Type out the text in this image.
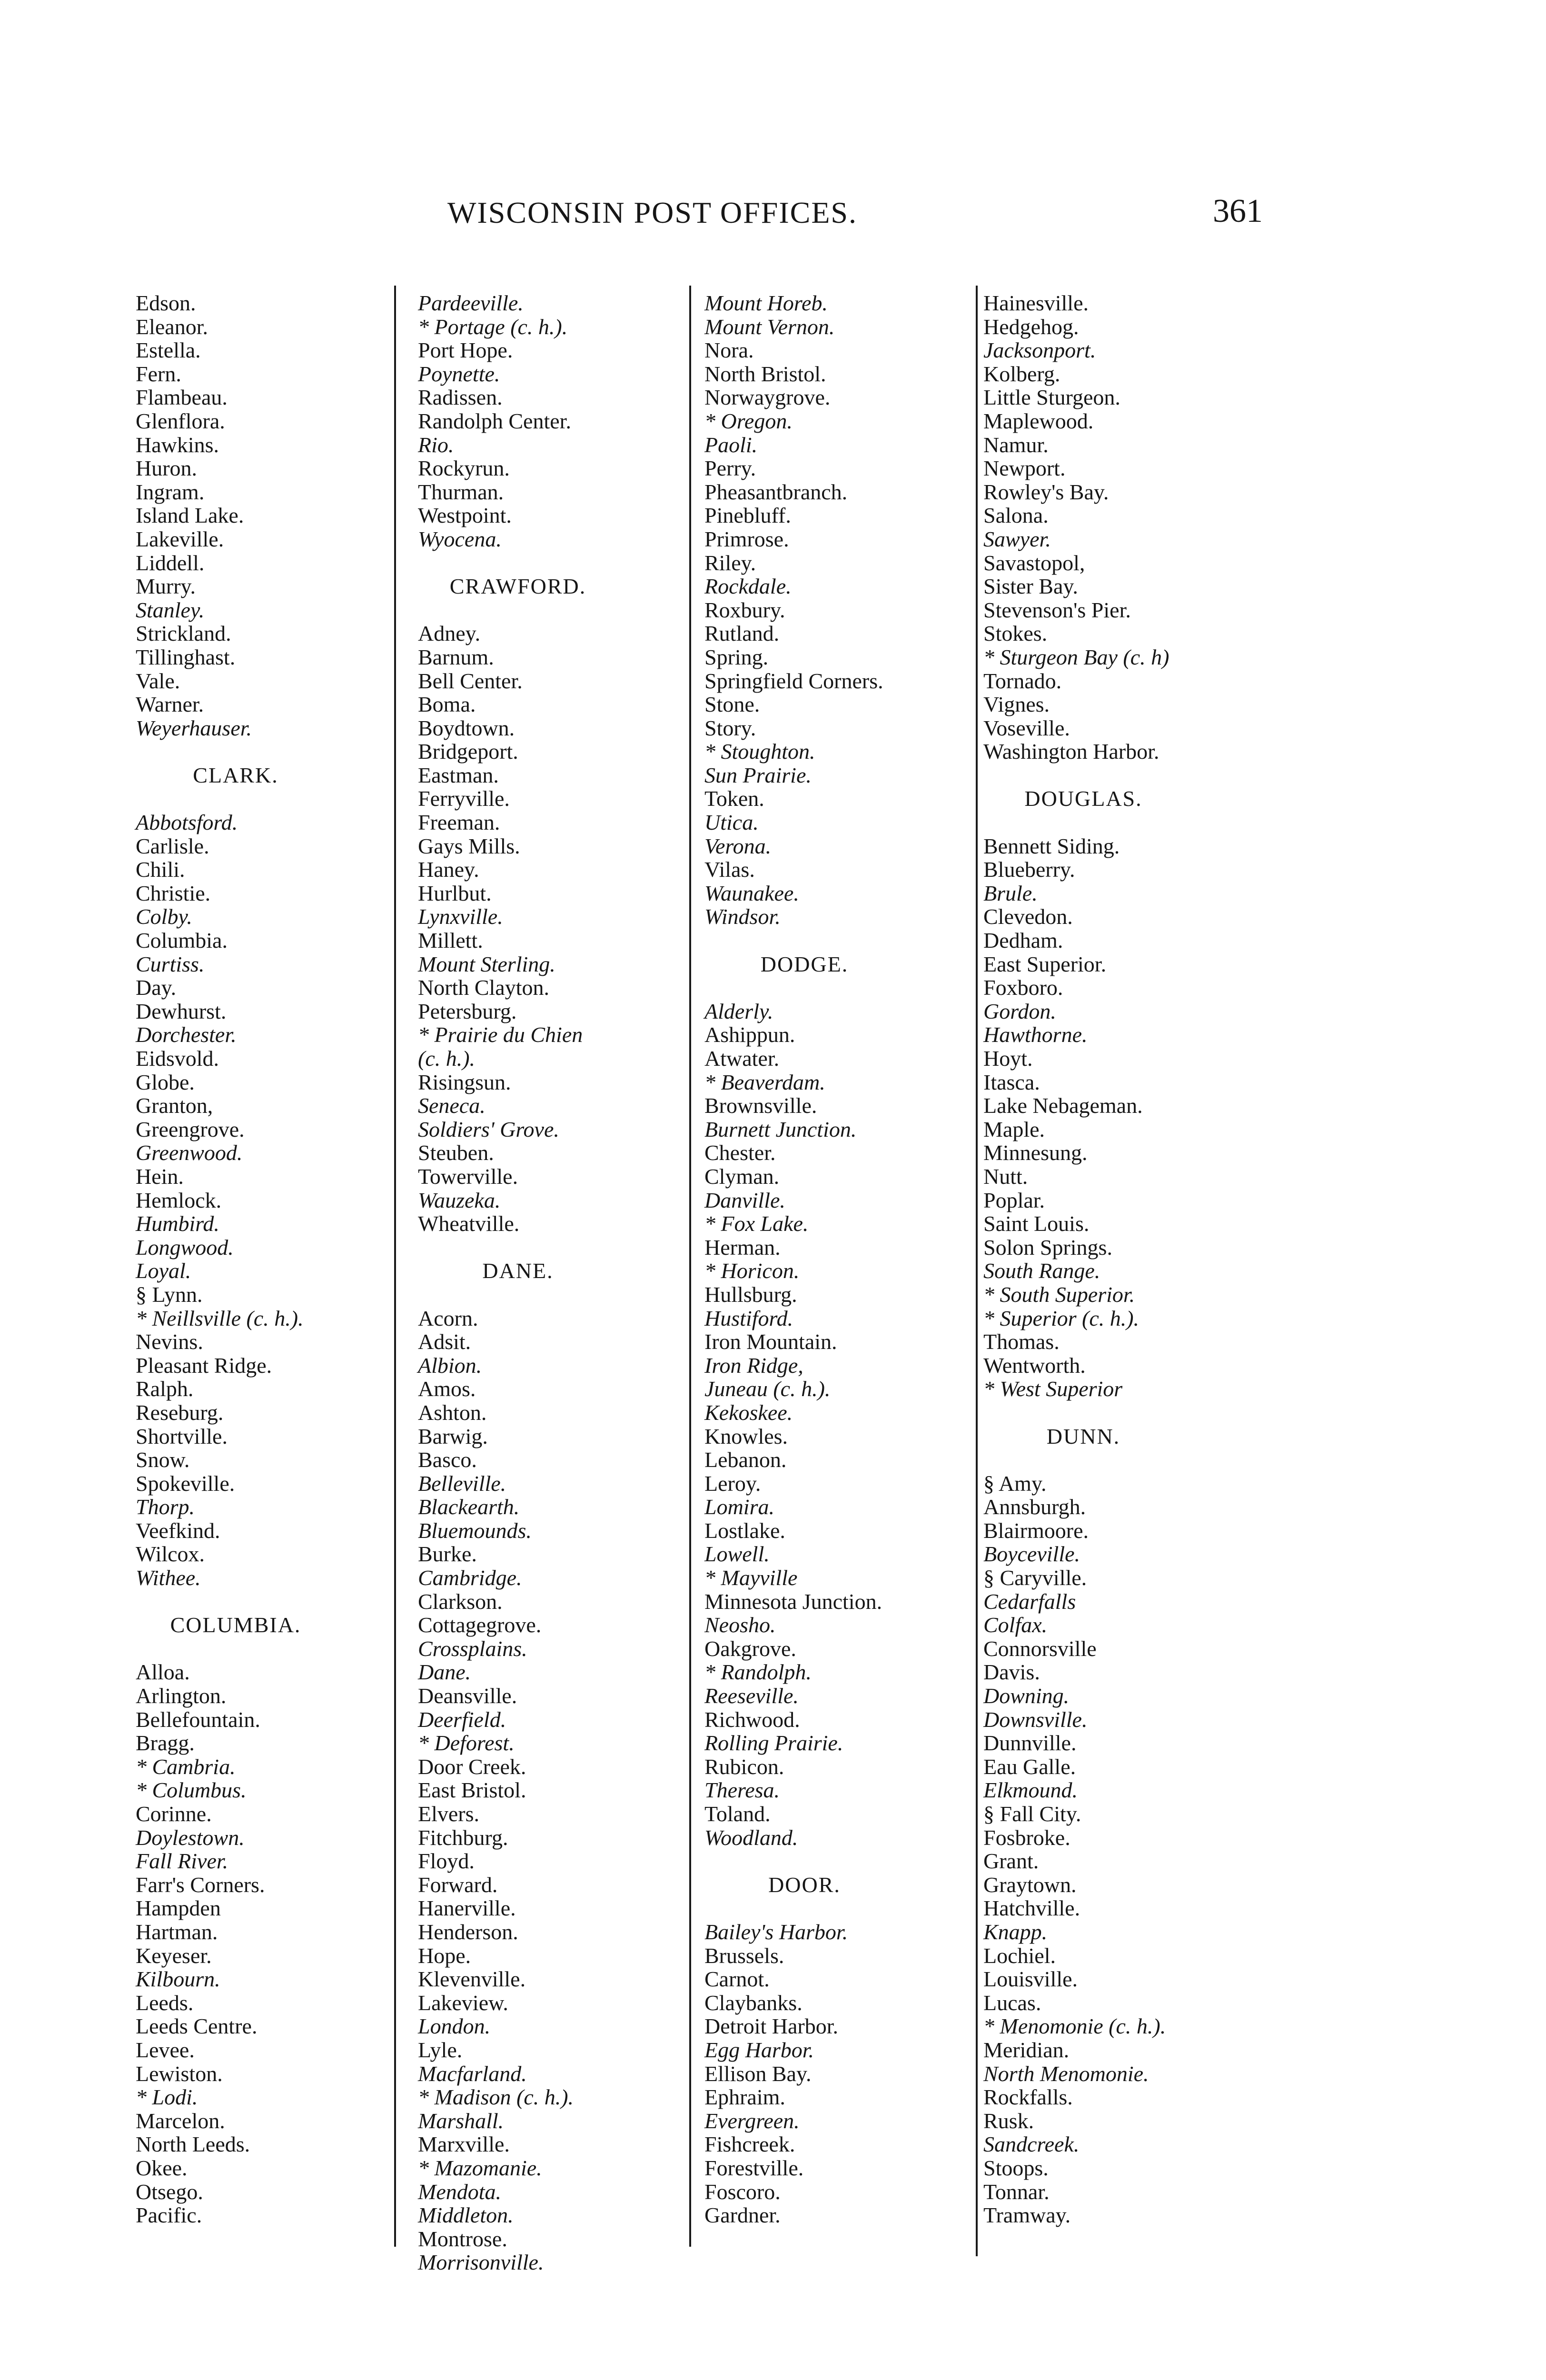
WISCONSIN POST OFFICES.	361
Edson.
Eleanor.
Estella.
Fern.
Flambeau.
Glenflora.
Hawkins.
Huron.
Ingram.
Island Lake.
Lakeville.
Liddell.
Murry.
Stanley.
Strickland.
Tillinghast.
Vale.
Warner.
Weyerhauser.
CLARK.
Abbotsford.
Carlisle.
Chili.
Christie.
Colby.
Columbia.
Curtiss.
Day.
Dewhurst.
Dorchester.
Eidsvold.
Globe.
Granton,
Greengrove.
Greenwood.
Hein.
Hemlock.
Humbird.
Longwood.
Loyal.
§ Lynn.
* Neillsville (c. h.).
Nevins.
Pleasant Ridge.
Ralph.
Reseburg.
Shortville.
Snow.
Spokeville.
Thorp.
Veefkind.
Wilcox.
Withee.
COLUMBIA.
Alloa.
Arlington.
Bellefountain.
Bragg.
* Cambria.
* Columbus.
Corinne.
Doylestown.
Fall River.
Farr's Corners.
Hampden
Hartman.
Keyeser.
Kilbourn.
Leeds.
Leeds Centre.
Levee.
Lewiston.
* Lodi.
Marcelon.
North Leeds.
Okee.
Otsego.
Pacific.
Pardeeville.
* Portage (c. h.).
Port Hope.
Poynette.
Radissen.
Randolph Center.
Rio.
Rockyrun.
Thurman.
Westpoint.
Wyocena.
CRAWFORD.
Adney.
Barnum.
Bell Center.
Boma.
Boydtown.
Bridgeport.
Eastman.
Ferryville.
Freeman.
Gays Mills.
Haney.
Hurlbut.
Lynxville.
Millett.
Mount Sterling.
North Clayton.
Petersburg.
* Prairie du Chien
(c. h.).
Risingsun.
Seneca.
Soldiers' Grove.
Steuben.
Towerville.
Wauzeka.
Wheatville.
DANE.
Acorn.
Adsit.
Albion.
Amos.
Ashton.
Barwig.
Basco.
Belleville.
Blackearth.
Bluemounds.
Burke.
Cambridge.
Clarkson.
Cottagegrove.
Crossplains.
Dane.
Deansville.
Deerfield.
* Deforest.
Door Creek.
East Bristol.
Elvers.
Fitchburg.
Floyd.
Forward.
Hanerville.
Henderson.
Hope.
Klevenville.
Lakeview.
London.
Lyle.
Macfarland.
* Madison (c. h.).
Marshall.
Marxville.
* Mazomanie.
Mendota.
Middleton.
Montrose.
Morrisonville.
Mount Horeb.
Mount Vernon.
Nora.
North Bristol.
Norwaygrove.
* Oregon.
Paoli.
Perry.
Pheasantbranch.
Pinebluff.
Primrose.
Riley.
Rockdale.
Roxbury.
Rutland.
Spring.
Springfield Corners.
Stone.
Story.
* Stoughton.
Sun Prairie.
Token.
Utica.
Verona.
Vilas.
Waunakee.
Windsor.
DODGE.
Alderly.
Ashippun.
Atwater.
* Beaverdam.
Brownsville.
Burnett Junction.
Chester.
Clyman.
Danville.
* Fox Lake.
Herman.
* Horicon.
Hullsburg.
Hustiford.
Iron Mountain.
Iron Ridge,
Juneau (c. h.).
Kekoskee.
Knowles.
Lebanon.
Leroy.
Lomira.
Lostlake.
Lowell.
* Mayville
Minnesota Junction.
Neosho.
Oakgrove.
* Randolph.
Reeseville.
Richwood.
Rolling Prairie.
Rubicon.
Theresa.
Toland.
Woodland.
DOOR.
Bailey's Harbor.
Brussels.
Carnot.
Claybanks.
Detroit Harbor.
Egg Harbor.
Ellison Bay.
Ephraim.
Evergreen.
Fishcreek.
Forestville.
Foscoro.
Gardner.
Hainesville.
Hedgehog.
Jacksonport.
Kolberg.
Little Sturgeon.
Maplewood.
Namur.
Newport.
Rowley's Bay.
Salona.
Sawyer.
Savastopol,
Sister Bay.
Stevenson's Pier.
Stokes.
* Sturgeon Bay (c. h)
Tornado.
Vignes.
Voseville.
Washington Harbor.
DOUGLAS.
Bennett Siding.
Blueberry.
Brule.
Clevedon.
Dedham.
East Superior.
Foxboro.
Gordon.
Hawthorne.
Hoyt.
Itasca.
Lake Nebageman.
Maple.
Minnesung.
Nutt.
Poplar.
Saint Louis.
Solon Springs.
South Range.
* South Superior.
* Superior (c. h.).
Thomas.
Wentworth.
* West Superior
DUNN.
§ Amy.
Annsburgh.
Blairmoore.
Boyceville.
§ Caryville.
Cedarfalls
Colfax.
Connorsville
Davis.
Downing.
Downsville.
Dunnville.
Eau Galle.
Elkmound.
§ Fall City.
Fosbroke.
Grant.
Graytown.
Hatchville.
Knapp.
Lochiel.
Louisville.
Lucas.
* Menomonie (c. h.).
Meridian.
North Menomonie.
Rockfalls.
Rusk.
Sandcreek.
Stoops.
Tonnar.
Tramway.
